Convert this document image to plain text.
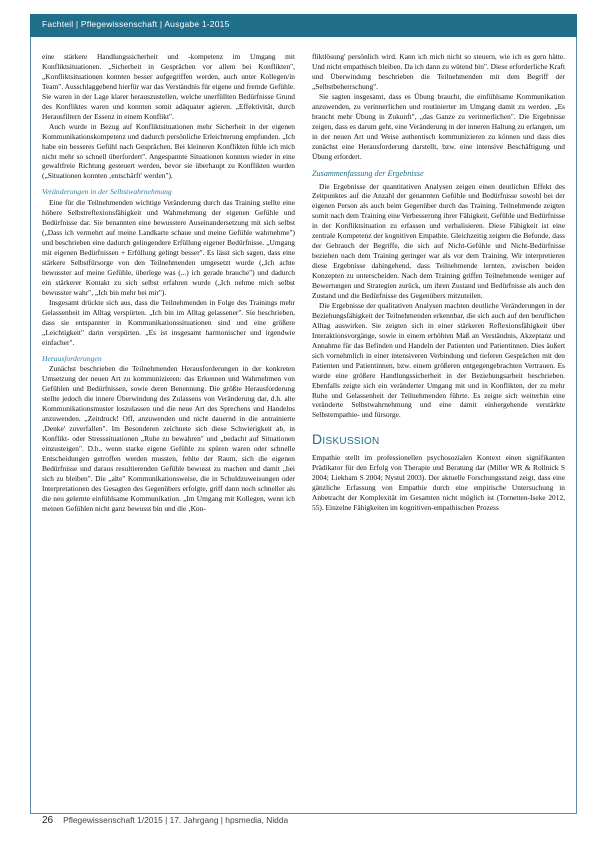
Fachteil | Pflegewissenschaft | Ausgabe 1-2015

eine stärkere Handlungssicherheit und -kompetenz im Umgang mit Konfliktsituationen. „Sicherheit in Gesprächen vor allem bei Konflikten", „Konfliktsituationen konnten besser aufgegriffen werden, auch unter Kollegen/in Team". Ausschlaggebend hierfür war das Verständnis für eigene und fremde Gefühle. Sie waren in der Lage klarer herauszustellen, welche unerfüllten Bedürfnisse Grund des Konfliktes waren und konnten somit adäquater agieren. „Effektivität, durch Herausfiltern der Essenz in einem Konflikt".

Auch wurde in Bezug auf Konfliktsituationen mehr Sicherheit in der eigenen Kommunikationskompetenz und dadurch persönliche Erleichterung empfunden. „Ich habe ein besseres Gefühl nach Gesprächen. Bei kleineren Konflikten fühle ich mich nicht mehr so schnell überfordert". Angespannte Situationen konnten wieder in eine gewaltfreie Richtung gesteuert werden, bevor sie überhaupt zu Konflikten wurden („Situationen konnten ‚entschärft' werden").

Veränderungen in der Selbstwahrnehmung

Eine für die Teilnehmenden wichtige Veränderung durch das Training stellte eine höhere Selbstreflexionsfähigkeit und Wahrnehmung der eigenen Gefühle und Bedürfnisse dar. Sie benannten eine bewusstere Auseinandersetzung mit sich selbst („Dass ich vermehrt auf meine Landkarte schaue und meine Gefühle wahrnehme") und beschrieben eine dadurch gelingendere Erfüllung eigener Bedürfnisse. „Umgang mit eigenen Bedürfnissen + Erfüllung gelingt besser". Es lässt sich sagen, dass eine stärkere Selbstfürsorge von den Teilnehmenden umgesetzt wurde („Ich achte bewusster auf meine Gefühle, überlege was (...) ich gerade brauche") und dadurch ein stärkerer Kontakt zu sich selbst erfahren wurde („Ich nehme mich selbst bewusster wahr", „Ich bin mehr bei mir").

Insgesamt drückte sich aus, dass die Teilnehmenden in Folge des Trainings mehr Gelassenheit im Alltag verspürten. „Ich bin im Alltag gelassener". Sie beschrieben, dass sie entspannter in Kommunikationssituationen sind und eine größere „Leichtigkeit" darin verspürten. „Es ist insgesamt harmonischer und irgendwie einfacher".

Herausforderungen

Zunächst beschrieben die Teilnehmenden Herausforderungen in der konkreten Umsetzung der neuen Art zu kommunizieren: das Erkennen und Wahrnehmen von Gefühlen und Bedürfnissen, sowie deren Benennung. Die größte Herausforderung stellte jedoch die innere Überwindung des Zulassens von Veränderung dar, d.h. alte Kommunikationsmuster loszulassen und die neue Art des Sprechens und Handelns anzuwenden. „Zeitdruck! Off, anzuwenden und nicht dauernd in die antrainierte ‚Denke' zuverfallen". Im Besonderen zeichnete sich diese Schwierigkeit ab, in Konflikt- oder Stresssituationen „Ruhe zu bewahren" und „bedacht auf Situationen einzusteigen". D.h., wenn starke eigene Gefühle zu spüren waren oder schnelle Entscheidungen getroffen werden mussten, fehlte der Raum, sich die eigenen Bedürfnisse und daraus resultierenden Gefühle bewusst zu machen und damit „bei sich zu bleiben". Die „alte" Kommunikationsweise, die in Schuldzuweisungen oder Interpretationen des Gesagten des Gegenübers erfolgte, griff dann noch schneller als die neu gelernte einfühlsame Kommunikation. „Im Umgang mit Kollegen, wenn ich meinen Gefühlen nicht ganz bewusst bin und die ‚Kon-

fliktlösung' persönlich wird. Kann ich mich nicht so steuern, wie ich es gern hätte. Und nicht empathisch bleiben. Da ich dann zu wütend bin". Diese erforderliche Kraft und Überwindung beschrieben die Teilnehmenden mit dem Begriff der „Selbstbeherrschung".

Sie sagten insgesamt, dass es Übung braucht, die einfühlsame Kommunikation anzuwenden, zu verinnerlichen und routinierter im Umgang damit zu werden. „Es braucht mehr Übung in Zukunft", „das Ganze zu verinnerlichen". Die Ergebnisse zeigen, dass es darum geht, eine Veränderung in der inneren Haltung zu erlangen, um in der neuen Art und Weise authentisch kommunizieren zu können und dass dies zunächst eine Herausforderung darstellt, bzw. eine intensive Beschäftigung und Übung erfordert.

Zusammenfassung der Ergebnisse

Die Ergebnisse der quantitativen Analysen zeigen einen deutlichen Effekt des Zeitpunktes auf die Anzahl der genannten Gefühle und Bedürfnisse sowohl bei der eigenen Person als auch beim Gegenüber durch das Training. Teilnehmende zeigten somit nach dem Training eine Verbesserung ihrer Fähigkeit, Gefühle und Bedürfnisse in der Konfliktsituation zu erfassen und verbalisieren. Diese Fähigkeit ist eine zentrale Kompetenz der kognitiven Empathie. Gleichzeitig zeigten die Befunde, dass der Gebrauch der Begriffe, die sich auf Nicht-Gefühle und Nicht-Bedürfnisse beziehen nach dem Training geringer war als vor dem Training. Wir interpretieren diese Ergebnisse dahingehend, dass Teilnehmende lernten, zwischen beiden Konzepten zu unterscheiden. Nach dem Training griffen Teilnehmende weniger auf Bewertungen und Strategien zurück, um ihren Zustand und Bedürfnisse als auch den Zustand und die Bedürfnisse des Gegenübers mitzuteilen.

Die Ergebnisse der qualitativen Analysen machten deutliche Veränderungen in der Beziehungsfähigkeit der Teilnehmenden erkennbar, die sich auch auf den beruflichen Alltag auswirken. Sie zeigten sich in einer stärkeren Reflexionsfähigkeit über Interaktionsvorgänge, sowie in einem erhöhten Maß an Verständnis, Akzeptanz und Annahme für das Befinden und Handeln der Patienten und Patientinnen. Dies äußert sich vornehmlich in einer intensiveren Verbindung und tieferen Gesprächen mit den Patienten und Patientinnen, bzw. einem größeren entgegengebrachten Vertrauen. Es wurde eine größere Handlungssicherheit in der Beziehungsarbeit beschrieben. Ebenfalls zeigte sich ein veränderter Umgang mit und in Konflikten, der zu mehr Ruhe und Gelassenheit der Teilnehmenden führte. Es zeigte sich weiterhin eine veränderte Selbstwahrnehmung und eine damit einhergehende verstärkte Selbstempathie- und fürsorge.

Diskussion

Empathie stellt im professionellen psychosozialen Kontext einen signifikanten Prädikator für den Erfolg von Therapie und Beratung dar (Miller WR & Rollnick S 2004; Liekham S 2004; Nystul 2003). Der aktuelle Forschungsstand zeigt, dass eine gänzliche Erfassung von Empathie durch eine empirische Untersuchung in Anbetracht der Komplexität im Gesamten nicht möglich ist (Tornetten-Iseke 2012, 55). Einzelne Fähigkeiten im kognitiven-empathischen Prozess

26 Pflegewissenschaft 1/2015 | 17. Jahrgang | hpsmedia, Nidda
